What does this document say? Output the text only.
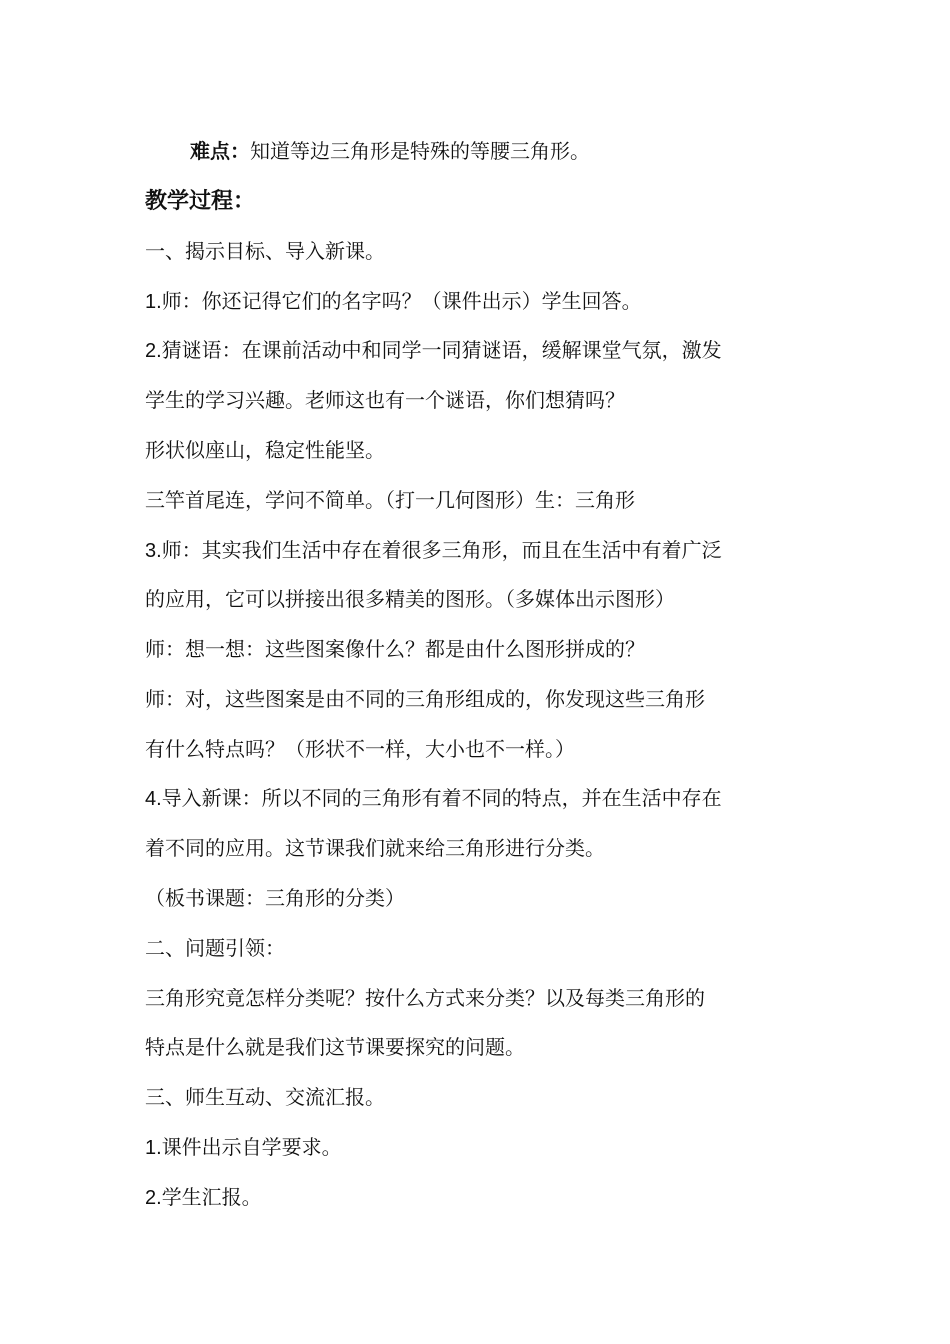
难点：知道等边三角形是特殊的等腰三角形。
教学过程：
一、揭示目标、导入新课。
1.师：你还记得它们的名字吗？（课件出示）学生回答。
2.猜谜语：在课前活动中和同学一同猜谜语，缓解课堂气氛，激发
学生的学习兴趣。老师这也有一个谜语，你们想猜吗？
形状似座山，稳定性能坚。
三竿首尾连，学问不简单。（打一几何图形）生：三角形
3.师：其实我们生活中存在着很多三角形，而且在生活中有着广泛
的应用，它可以拼接出很多精美的图形。（多媒体出示图形）
师：想一想：这些图案像什么？都是由什么图形拼成的？
师：对，这些图案是由不同的三角形组成的，你发现这些三角形
有什么特点吗？（形状不一样，大小也不一样。）
4.导入新课：所以不同的三角形有着不同的特点，并在生活中存在
着不同的应用。这节课我们就来给三角形进行分类。
（板书课题：三角形的分类）
二、问题引领：
三角形究竟怎样分类呢？按什么方式来分类？以及每类三角形的
特点是什么就是我们这节课要探究的问题。
三、师生互动、交流汇报。
1.课件出示自学要求。
2.学生汇报。
